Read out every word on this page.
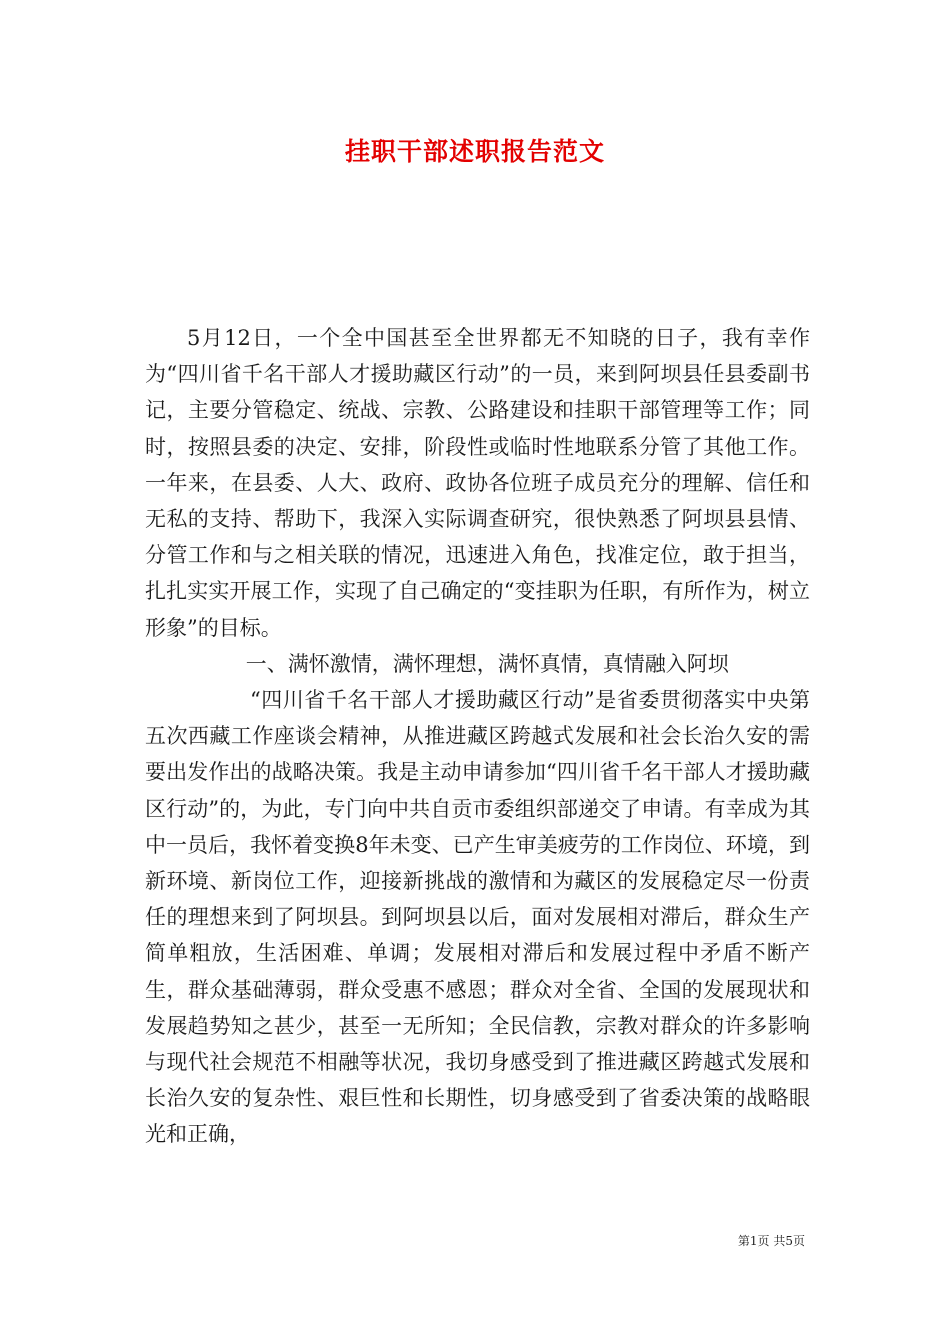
挂职干部述职报告范文

5月12日，一个全中国甚至全世界都无不知晓的日子，我有幸作为“四川省千名干部人才援助藏区行动”的一员，来到阿坝县任县委副书记，主要分管稳定、统战、宗教、公路建设和挂职干部管理等工作；同时，按照县委的决定、安排，阶段性或临时性地联系分管了其他工作。一年来，在县委、人大、政府、政协各位班子成员充分的理解、信任和无私的支持、帮助下，我深入实际调查研究，很快熟悉了阿坝县县情、分管工作和与之相关联的情况，迅速进入角色，找准定位，敢于担当，扎扎实实开展工作，实现了自己确定的“变挂职为任职，有所作为，树立形象”的目标。

一、满怀激情，满怀理想，满怀真情，真情融入阿坝

“四川省千名干部人才援助藏区行动”是省委贯彻落实中央第五次西藏工作座谈会精神，从推进藏区跨越式发展和社会长治久安的需要出发作出的战略决策。我是主动申请参加“四川省千名干部人才援助藏区行动”的，为此，专门向中共自贡市委组织部递交了申请。有幸成为其中一员后，我怀着变换8年未变、已产生审美疲劳的工作岗位、环境，到新环境、新岗位工作，迎接新挑战的激情和为藏区的发展稳定尽一份责任的理想来到了阿坝县。到阿坝县以后，面对发展相对滞后，群众生产简单粗放，生活困难、单调；发展相对滞后和发展过程中矛盾不断产生，群众基础薄弱，群众受惠不感恩；群众对全省、全国的发展现状和发展趋势知之甚少，甚至一无所知；全民信教，宗教对群众的许多影响与现代社会规范不相融等状况，我切身感受到了推进藏区跨越式发展和长治久安的复杂性、艰巨性和长期性，切身感受到了省委决策的战略眼光和正确，

第1页 共5页
